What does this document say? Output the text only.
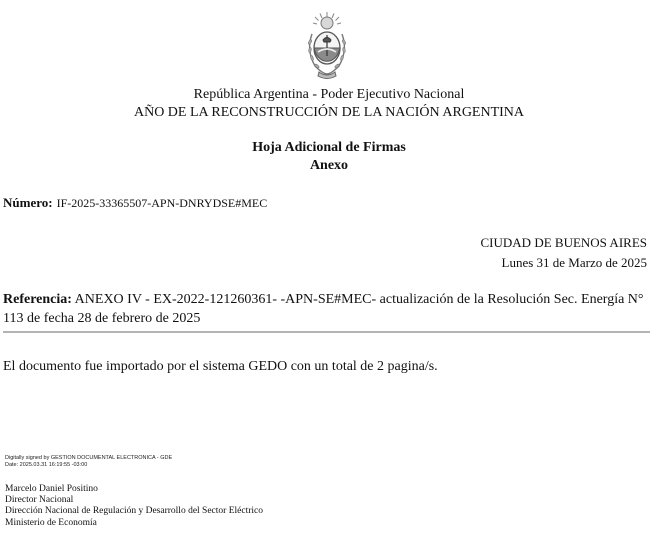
República Argentina - Poder Ejecutivo Nacional
AÑO DE LA RECONSTRUCCIÓN DE LA NACIÓN ARGENTINA
Hoja Adicional de Firmas
Anexo
Número: IF-2025-33365507-APN-DNRYDSE#MEC
CIUDAD DE BUENOS AIRES
Lunes 31 de Marzo de 2025
Referencia: ANEXO IV - EX-2022-121260361- -APN-SE#MEC- actualización de la Resolución Sec. Energía N° 113 de fecha 28 de febrero de 2025
El documento fue importado por el sistema GEDO con un total de 2 pagina/s.
Digitally signed by GESTION DOCUMENTAL ELECTRONICA - GDE
Date: 2025.03.31 16:19:55 -03:00
Marcelo Daniel Positino
Director Nacional
Dirección Nacional de Regulación y Desarrollo del Sector Eléctrico
Ministerio de Economía
